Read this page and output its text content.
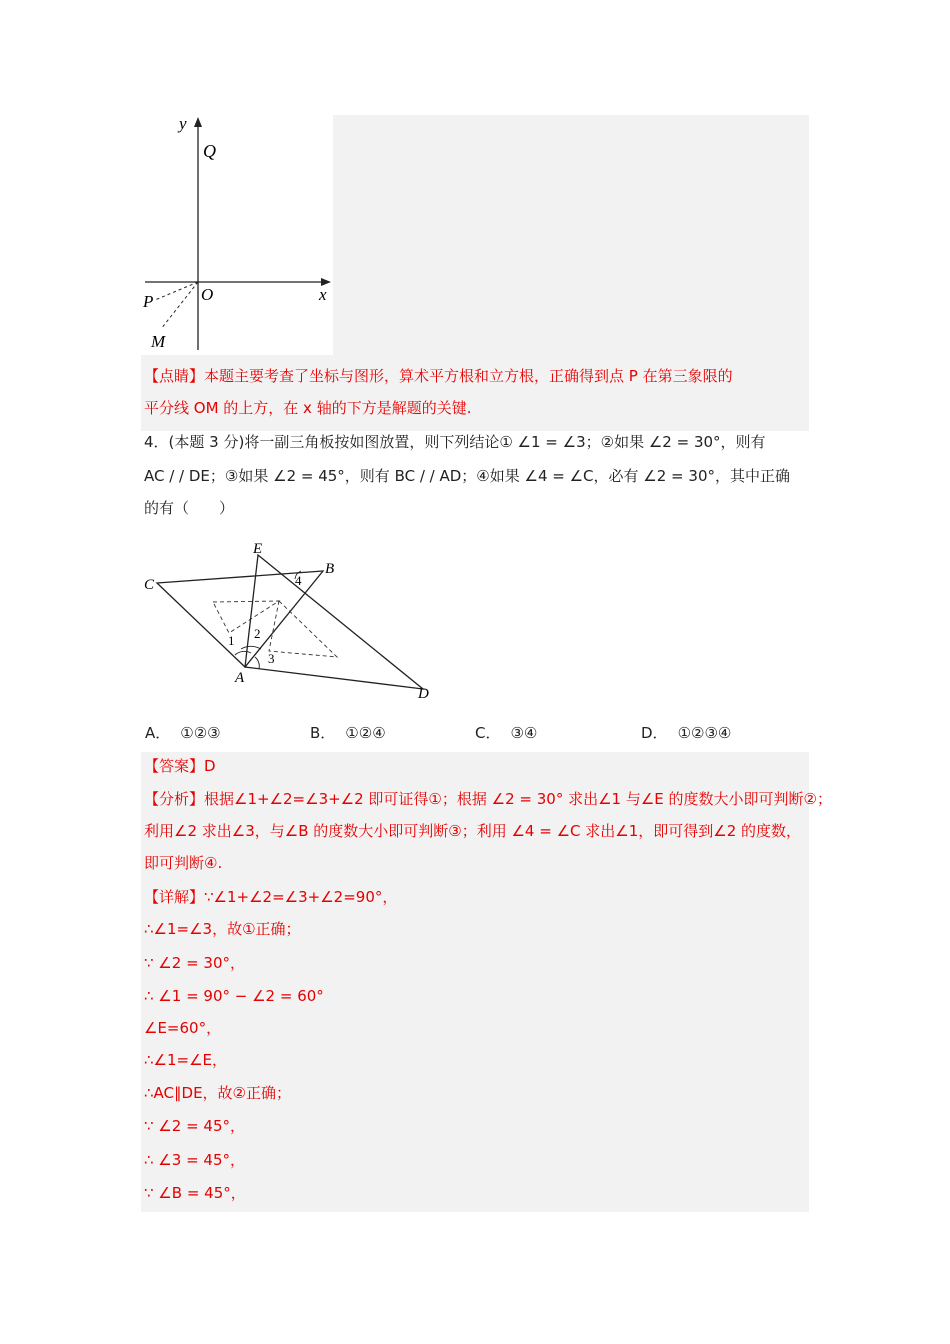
y
Q
O	x
P
M
【点睛】本题主要考查了坐标与图形，算术平方根和立方根，正确得到点 P 在第三象限的
平分线 OM 的上方，在 x 轴的下方是解题的关键.
4．(本题 3 分)将一副三角板按如图放置，则下列结论① ∠1 = ∠3；②如果 ∠2 = 30°，则有
AC / / DE；③如果 ∠2 = 45°，则有 BC / / AD；④如果 ∠4 = ∠C，必有 ∠2 = 30°，其中正确
的有（　　）
E
B
C
A
D
1 2
3
4
A． ①②③	B． ①②④	C． ③④	D． ①②③④
【答案】D
【分析】根据∠1+∠2=∠3+∠2 即可证得①；根据 ∠2 = 30° 求出∠1 与∠E 的度数大小即可判断②；
利用∠2 求出∠3，与∠B 的度数大小即可判断③；利用 ∠4 = ∠C 求出∠1，即可得到∠2 的度数，
即可判断④.
【详解】∵∠1+∠2=∠3+∠2=90°，
∴∠1=∠3，故①正确；
∵ ∠2 = 30°，
∴ ∠1 = 90° − ∠2 = 60°
∠E=60°，
∴∠1=∠E，
∴AC∥DE，故②正确；
∵ ∠2 = 45°，
∴ ∠3 = 45°，
∵ ∠B = 45°，
